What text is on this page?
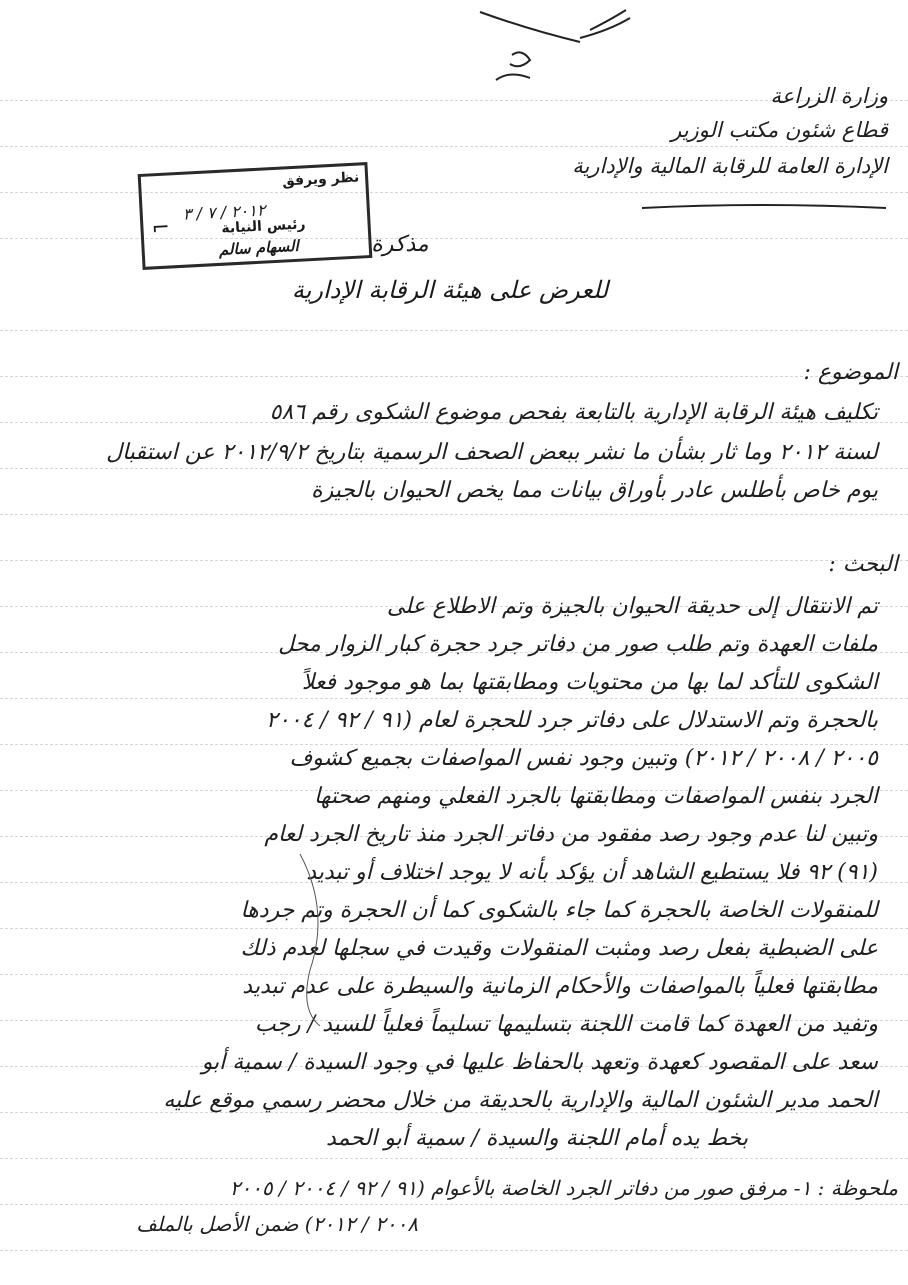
وزارة الزراعة
قطاع شئون مكتب الوزير
الإدارة العامة للرقابة المالية والإدارية
نظر ويرفق
٢٠١٢ / ٧ / ٣
رئيس النيابة
السهام سالم
⌐
مذكرة
للعرض على هيئة الرقابة الإدارية
الموضوع :
تكليف هيئة الرقابة الإدارية بالتابعة بفحص موضوع الشكوى رقم ٥٨٦
لسنة ٢٠١٢ وما ثار بشأن ما نشر ببعض الصحف الرسمية بتاريخ ٢٠١٢/٩/٢ عن استقبال
يوم خاص بأطلس عادر بأوراق بيانات مما يخص الحيوان بالجيزة
البحث :
تم الانتقال إلى حديقة الحيوان بالجيزة وتم الاطلاع على
ملفات العهدة وتم طلب صور من دفاتر جرد حجرة كبار الزوار محل
الشكوى للتأكد لما بها من محتويات ومطابقتها بما هو موجود فعلاً
بالحجرة وتم الاستدلال على دفاتر جرد للحجرة لعام (٩١ / ٩٢ / ٢٠٠٤
٢٠٠٥ / ٢٠٠٨ / ٢٠١٢) وتبين وجود نفس المواصفات بجميع كشوف
الجرد بنفس المواصفات ومطابقتها بالجرد الفعلي ومنهم صحتها
وتبين لنا عدم وجود رصد مفقود من دفاتر الجرد منذ تاريخ الجرد لعام
(٩١) ٩٢ فلا يستطيع الشاهد أن يؤكد بأنه لا يوجد اختلاف أو تبديد
للمنقولات الخاصة بالحجرة كما جاء بالشكوى كما أن الحجرة وتم جردها
على الضبطية بفعل رصد ومثبت المنقولات وقيدت في سجلها لعدم ذلك
مطابقتها فعلياً بالمواصفات والأحكام الزمانية والسيطرة على عدم تبديد
وتفيد من العهدة كما قامت اللجنة بتسليمها تسليماً فعلياً للسيد / رجب
سعد على المقصود كعهدة وتعهد بالحفاظ عليها في وجود السيدة / سمية أبو
الحمد مدير الشئون المالية والإدارية بالحديقة من خلال محضر رسمي موقع عليه
بخط يده أمام اللجنة والسيدة / سمية أبو الحمد
ملحوظة : ١- مرفق صور من دفاتر الجرد الخاصة بالأعوام (٩١ / ٩٢ / ٢٠٠٤ / ٢٠٠٥
٢٠٠٨ / ٢٠١٢) ضمن الأصل بالملف
